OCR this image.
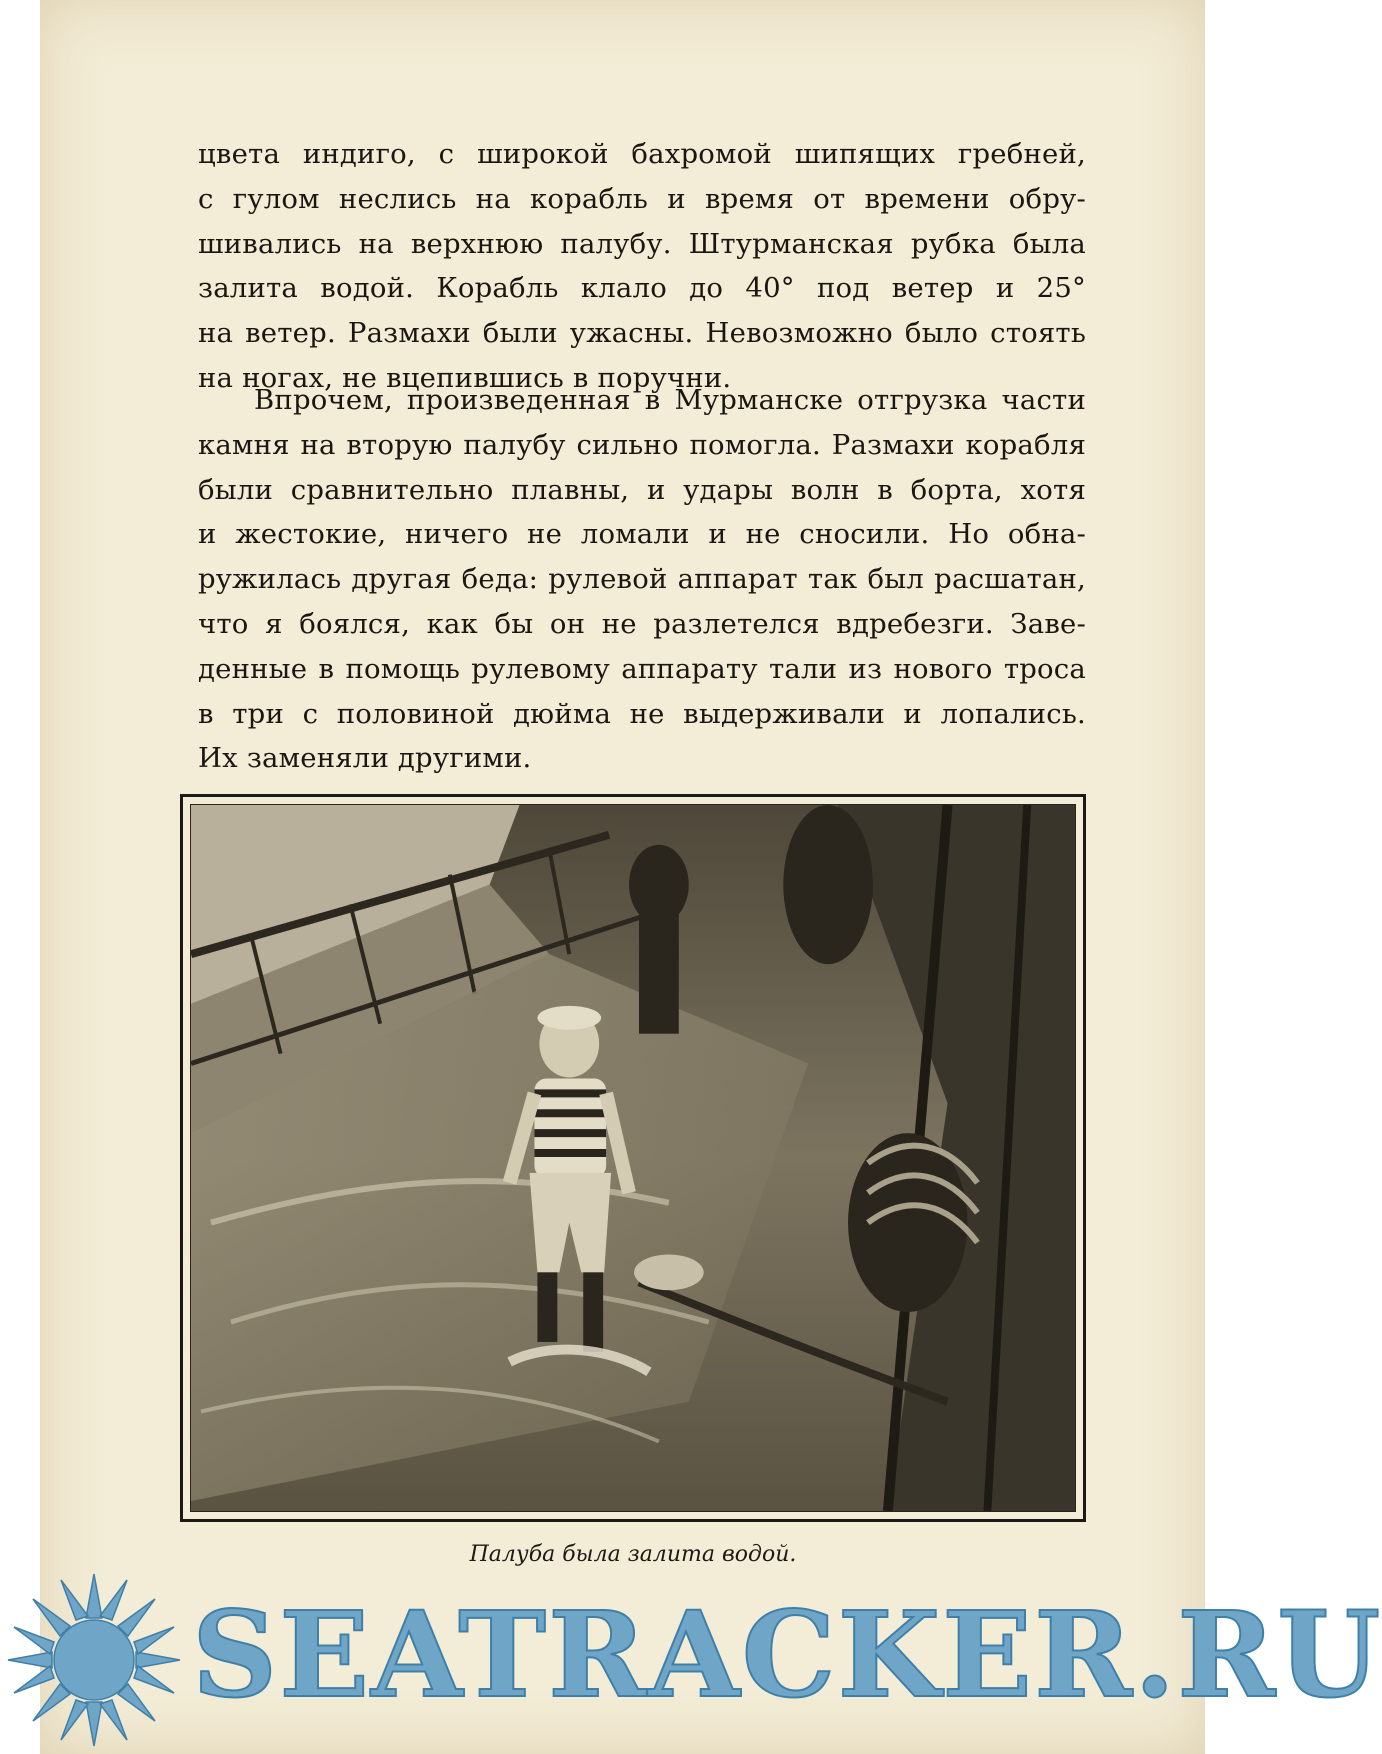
цвета индиго, с широкой бахромой шипящих гребней,
с гулом неслись на корабль и время от времени обру-
шивались на верхнюю палубу. Штурманская рубка была
залита водой. Корабль клало до 40° под ветер и 25°
на ветер. Размахи были ужасны. Невозможно было стоять
на ногах, не вцепившись в поручни.
Впрочем, произведенная в Мурманске отгрузка части
камня на вторую палубу сильно помогла. Размахи корабля
были сравнительно плавны, и удары волн в борта, хотя
и жестокие, ничего не ломали и не сносили. Но обна-
ружилась другая беда: рулевой аппарат так был расшатан,
что я боялся, как бы он не разлетелся вдребезги. Заве-
денные в помощь рулевому аппарату тали из нового троса
в три с половиной дюйма не выдерживали и лопались.
Их заменяли другими.
Палуба была залита водой.
SEATRACKER.RU
